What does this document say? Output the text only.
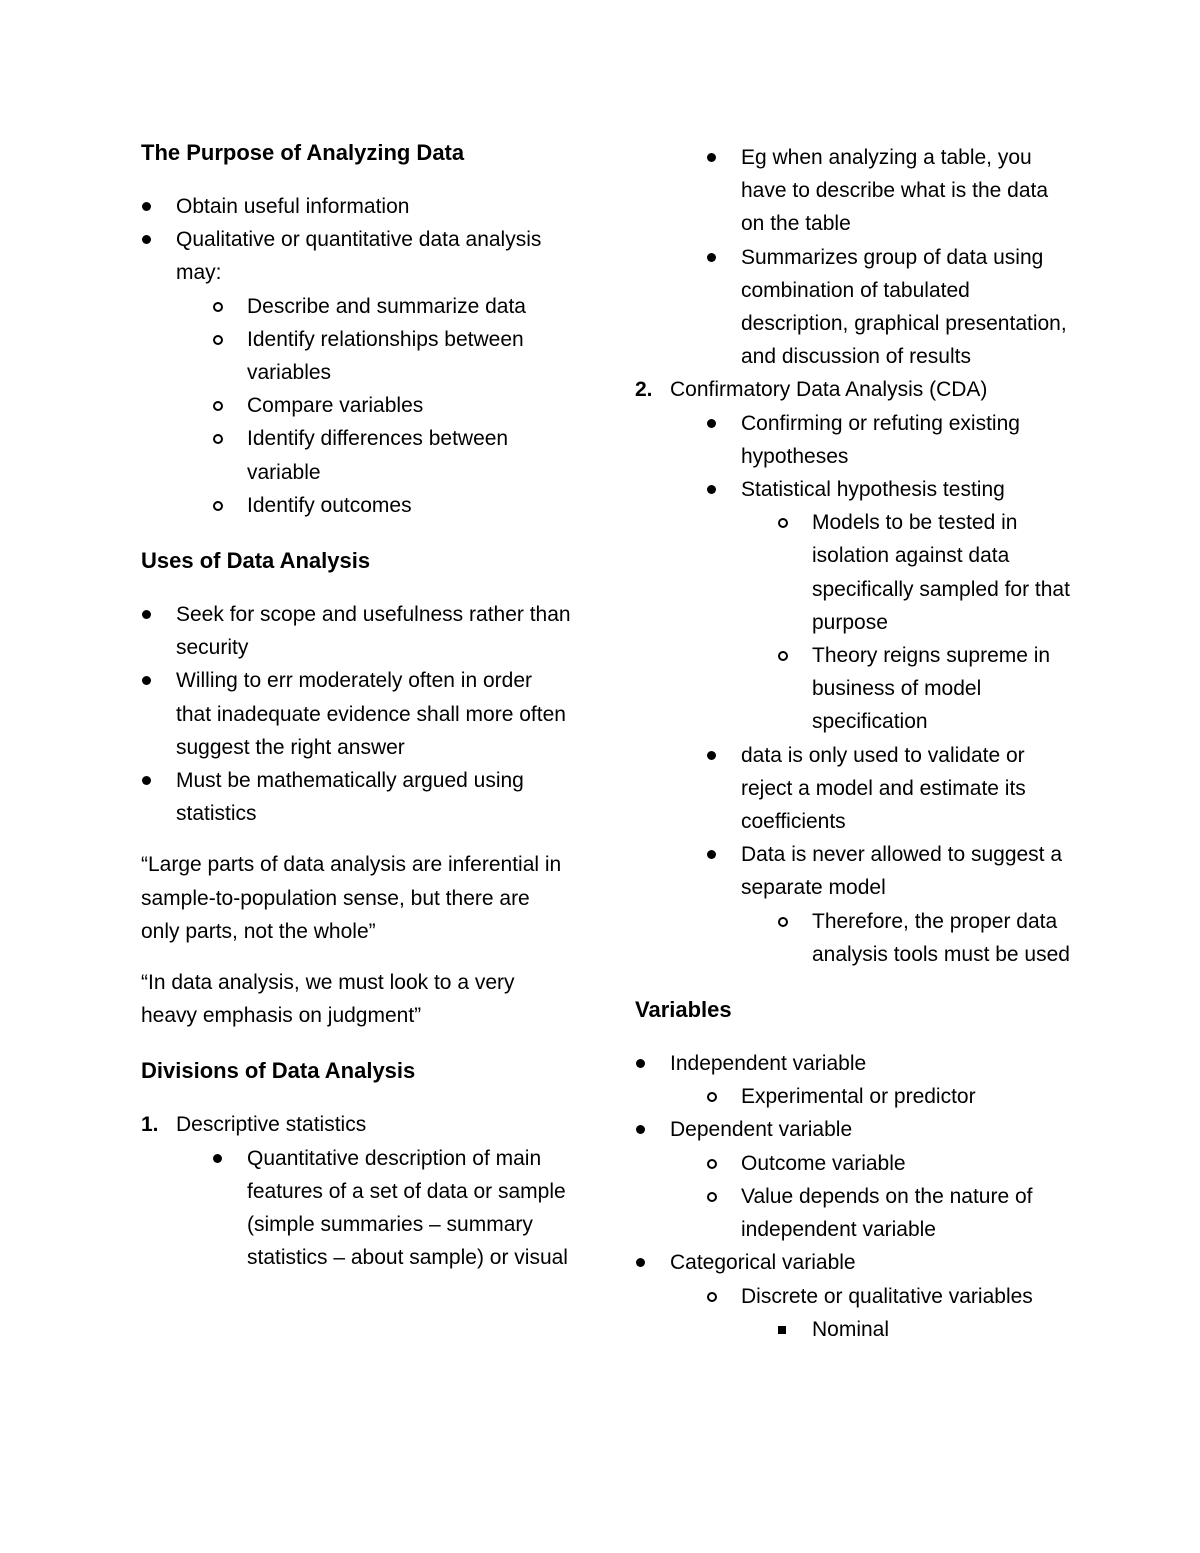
The Purpose of Analyzing Data
Obtain useful information
Qualitative or quantitative data analysis may:
Describe and summarize data
Identify relationships between variables
Compare variables
Identify differences between variable
Identify outcomes
Uses of Data Analysis
Seek for scope and usefulness rather than security
Willing to err moderately often in order that inadequate evidence shall more often suggest the right answer
Must be mathematically argued using statistics

“Large parts of data analysis are inferential in sample-to-population sense, but there are only parts, not the whole”

“In data analysis, we must look to a very heavy emphasis on judgment”

Divisions of Data Analysis
1. Descriptive statistics
Quantitative description of main features of a set of data or sample (simple summaries – summary statistics – about sample) or visual
Eg when analyzing a table, you have to describe what is the data on the table
Summarizes group of data using combination of tabulated description, graphical presentation, and discussion of results
2. Confirmatory Data Analysis (CDA)
Confirming or refuting existing hypotheses
Statistical hypothesis testing
Models to be tested in isolation against data specifically sampled for that purpose
Theory reigns supreme in business of model specification
data is only used to validate or reject a model and estimate its coefficients
Data is never allowed to suggest a separate model
Therefore, the proper data analysis tools must be used
Variables
Independent variable
Experimental or predictor
Dependent variable
Outcome variable
Value depends on the nature of independent variable
Categorical variable
Discrete or qualitative variables
Nominal
